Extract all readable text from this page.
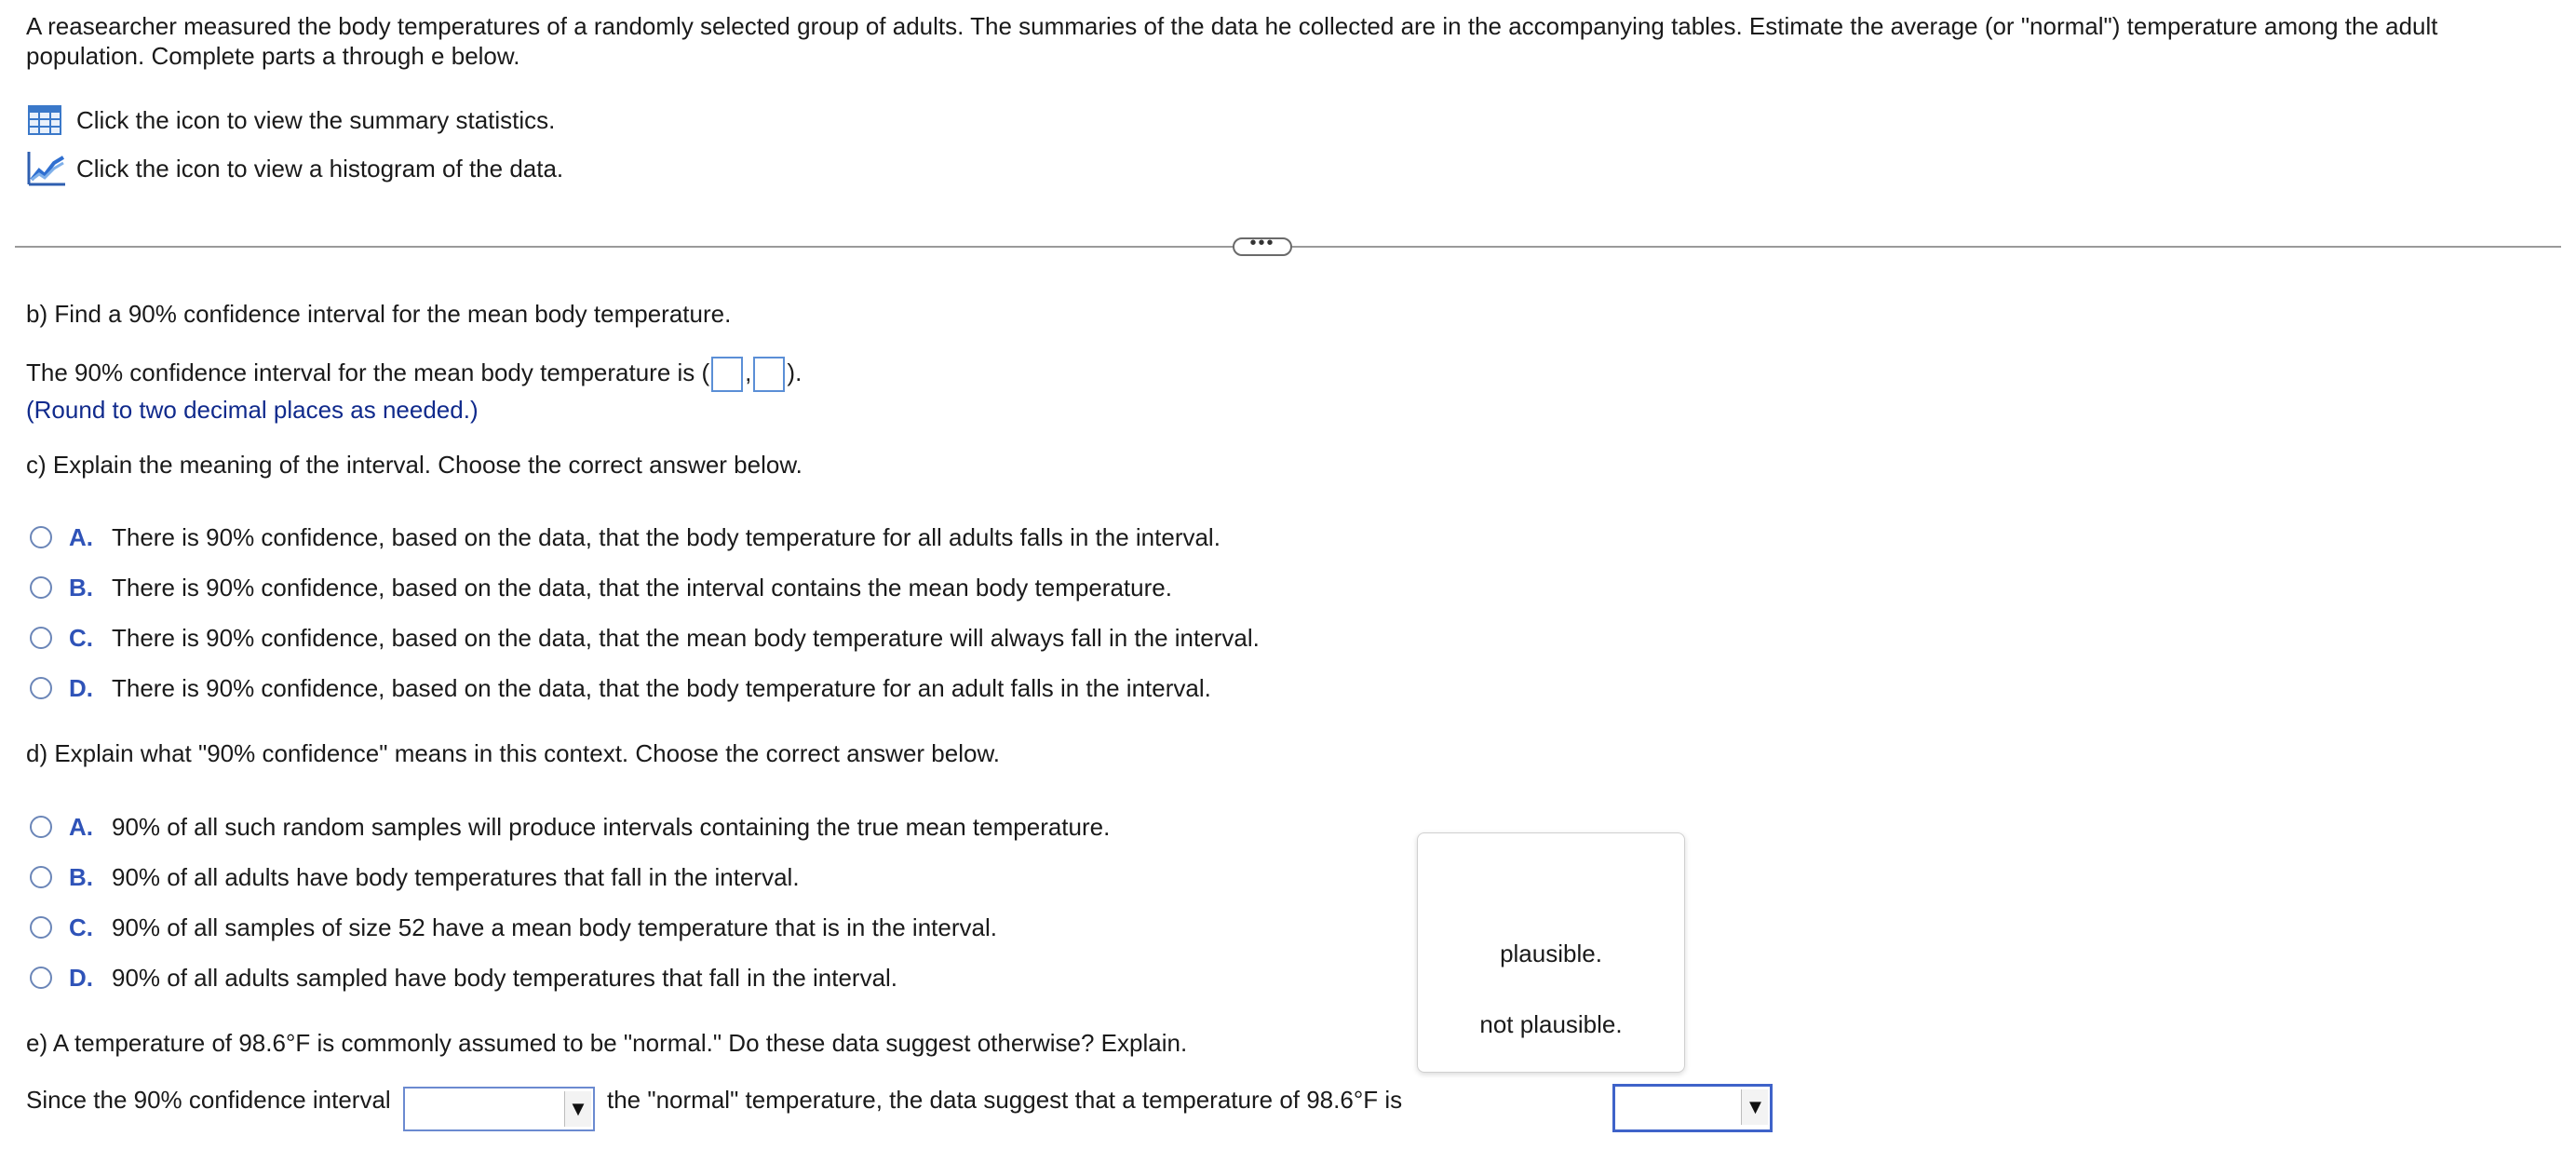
A reasearcher measured the body temperatures of a randomly selected group of adults. The summaries of the data he collected are in the accompanying tables. Estimate the average (or "normal") temperature among the adult population. Complete parts a through e below.
Click the icon to view the summary statistics.
Click the icon to view a histogram of the data.
•••
b) Find a 90% confidence interval for the mean body temperature.
The 90% confidence interval for the mean body temperature is ( , ).
(Round to two decimal places as needed.)
c) Explain the meaning of the interval. Choose the correct answer below.
A. There is 90% confidence, based on the data, that the body temperature for all adults falls in the interval.
B. There is 90% confidence, based on the data, that the interval contains the mean body temperature.
C. There is 90% confidence, based on the data, that the mean body temperature will always fall in the interval.
D. There is 90% confidence, based on the data, that the body temperature for an adult falls in the interval.
d) Explain what "90% confidence" means in this context. Choose the correct answer below.
A. 90% of all such random samples will produce intervals containing the true mean temperature.
B. 90% of all adults have body temperatures that fall in the interval.
C. 90% of all samples of size 52 have a mean body temperature that is in the interval.
D. 90% of all adults sampled have body temperatures that fall in the interval.
e) A temperature of 98.6°F is commonly assumed to be "normal." Do these data suggest otherwise? Explain.
Since the 90% confidence interval	▼
the "normal" temperature, the data suggest that a temperature of 98.6°F is	▼
plausible.
not plausible.
